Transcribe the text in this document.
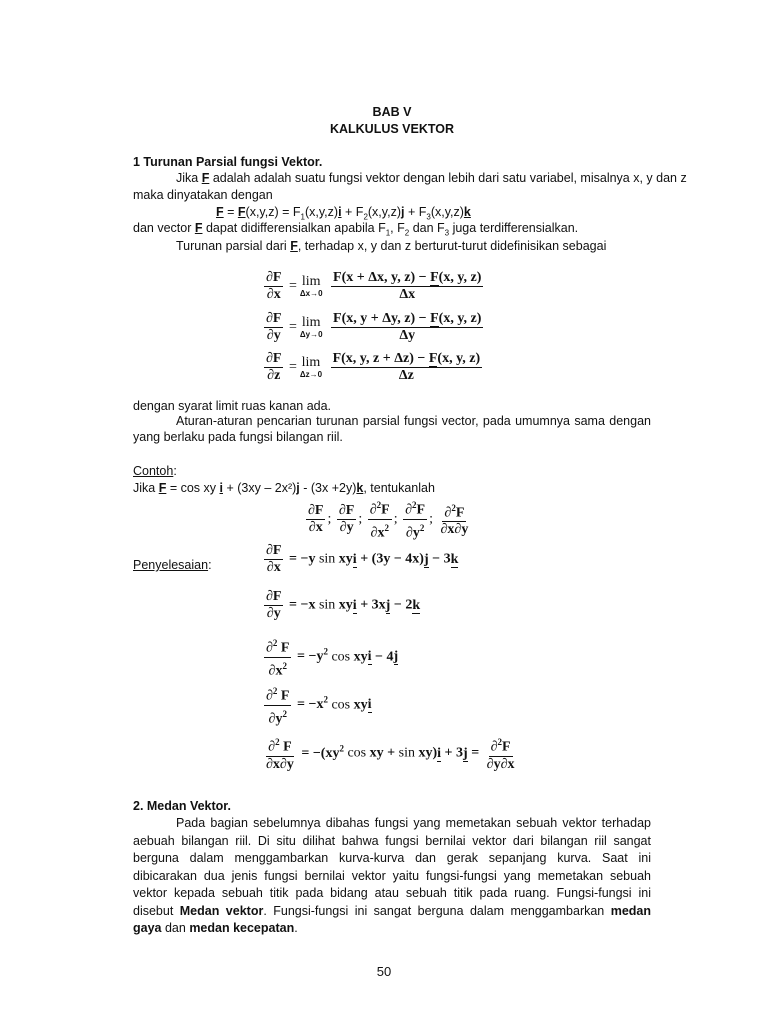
BAB V
KALKULUS VEKTOR
1 Turunan Parsial fungsi Vektor.
Jika F adalah adalah suatu fungsi vektor dengan lebih dari satu variabel, misalnya x, y dan z
maka dinyatakan dengan
$F = F(x,y,z) = F_1(x,y,z)i + F_2(x,y,z)j + F_3(x,y,z)k$
dan vector F dapat didifferensialkan apabila $F_1$, $F_2$ dan $F_3$ juga terdifferensialkan.
Turunan parsial dari F, terhadap x, y dan z berturut-turut didefinisikan sebagai
$\frac{\partial F}{\partial x} = \lim$
Δx→0
$\frac{F(x + \Delta x, y, z) - F(x, y, z)}{\Delta x}$
$\frac{\partial F}{\partial y} = \lim$
Δy→0
$\frac{F(x, y + \Delta y, z) - F(x, y, z)}{\Delta y}$
$\frac{\partial F}{\partial z} = \lim$
Δz→0
$\frac{F(x, y, z + \Delta z) - F(x, y, z)}{\Delta z}$
dengan syarat limit ruas kanan ada.
Aturan-aturan pencarian turunan parsial fungsi vector, pada umumnya sama dengan yang berlaku pada fungsi bilangan riil.
Contoh:
Jika F = cos xy i + (3xy – 2x²)j - (3x +2y)k, tentukanlah
$\frac{\partial F}{\partial x}$ ; $\frac{\partial F}{\partial y}$ ; $\frac{\partial^2F}{\partial x^2}$ ; $\frac{\partial^2F}{\partial y^2}$ ; $\frac{\partial^2F}{\partial x\partial y}$
Penyelesaian:	$\frac{\partial F}{\partial x} = -y$ sin xyi + (3y − 4x)j − 3k
$\frac{\partial F}{\partial y} = -x$ sin xyi + 3xj − 2k
$\frac{\partial^2 F}{\partial x^2} = -y^2$ cos xyi − 4j
$\frac{\partial^2 F}{\partial y^2} = -x^2$ cos xyi
$\frac{\partial^2 F}{\partial x\partial y} = -(xy^2$ cos xy + $\sin xy)i + 3j = \frac{\partial^2F}{\partial y\partial x}$
2. Medan Vektor.
Pada bagian sebelumnya dibahas fungsi yang memetakan sebuah vektor terhadap aebuah bilangan riil. Di situ dilihat bahwa fungsi bernilai vektor dari bilangan riil sangat berguna dalam menggambarkan kurva-kurva dan gerak sepanjang kurva. Saat ini dibicarakan dua jenis fungsi bernilai vektor yaitu fungsi-fungsi yang memetakan sebuah vektor kepada sebuah titik pada bidang atau sebuah titik pada ruang. Fungsi-fungsi ini disebut Medan vektor. Fungsi-fungsi ini sangat berguna dalam menggambarkan medan gaya dan medan kecepatan.
50
